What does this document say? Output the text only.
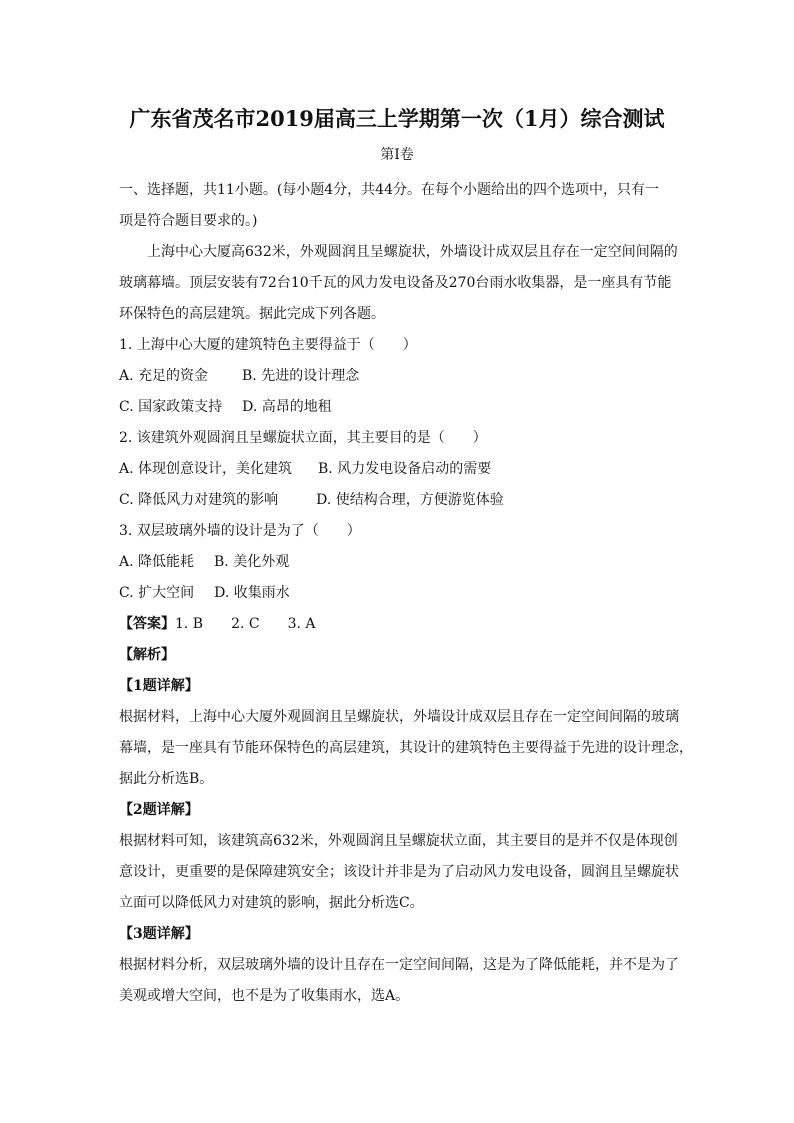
广东省茂名市2019届高三上学期第一次（1月）综合测试
第I卷
一、选择题，共11小题。(每小题4分，共44分。在每个小题给出的四个选项中，只有一
项是符合题目要求的。)
上海中心大厦高632米，外观圆润且呈螺旋状，外墙设计成双层且存在一定空间间隔的
玻璃幕墙。顶层安装有72台10千瓦的风力发电设备及270台雨水收集器，是一座具有节能
环保特色的高层建筑。据此完成下列各题。
1. 上海中心大厦的建筑特色主要得益于（　　）
A. 充足的资金 B. 先进的设计理念
C. 国家政策支持 D. 高昂的地租
2. 该建筑外观圆润且呈螺旋状立面，其主要目的是（　　）
A. 体现创意设计，美化建筑 B. 风力发电设备启动的需要
C. 降低风力对建筑的影响	D. 使结构合理，方便游览体验
3. 双层玻璃外墙的设计是为了（　　）
A. 降低能耗 B. 美化外观
C. 扩大空间 D. 收集雨水
【答案】1. B　　2. C　　3. A
【解析】
【1题详解】
根据材料，上海中心大厦外观圆润且呈螺旋状，外墙设计成双层且存在一定空间间隔的玻璃
幕墙，是一座具有节能环保特色的高层建筑，其设计的建筑特色主要得益于先进的设计理念，
据此分析选B。
【2题详解】
根据材料可知，该建筑高632米，外观圆润且呈螺旋状立面，其主要目的是并不仅是体现创
意设计，更重要的是保障建筑安全；该设计并非是为了启动风力发电设备，圆润且呈螺旋状
立面可以降低风力对建筑的影响，据此分析选C。
【3题详解】
根据材料分析，双层玻璃外墙的设计且存在一定空间间隔，这是为了降低能耗，并不是为了
美观或增大空间，也不是为了收集雨水，选A。
